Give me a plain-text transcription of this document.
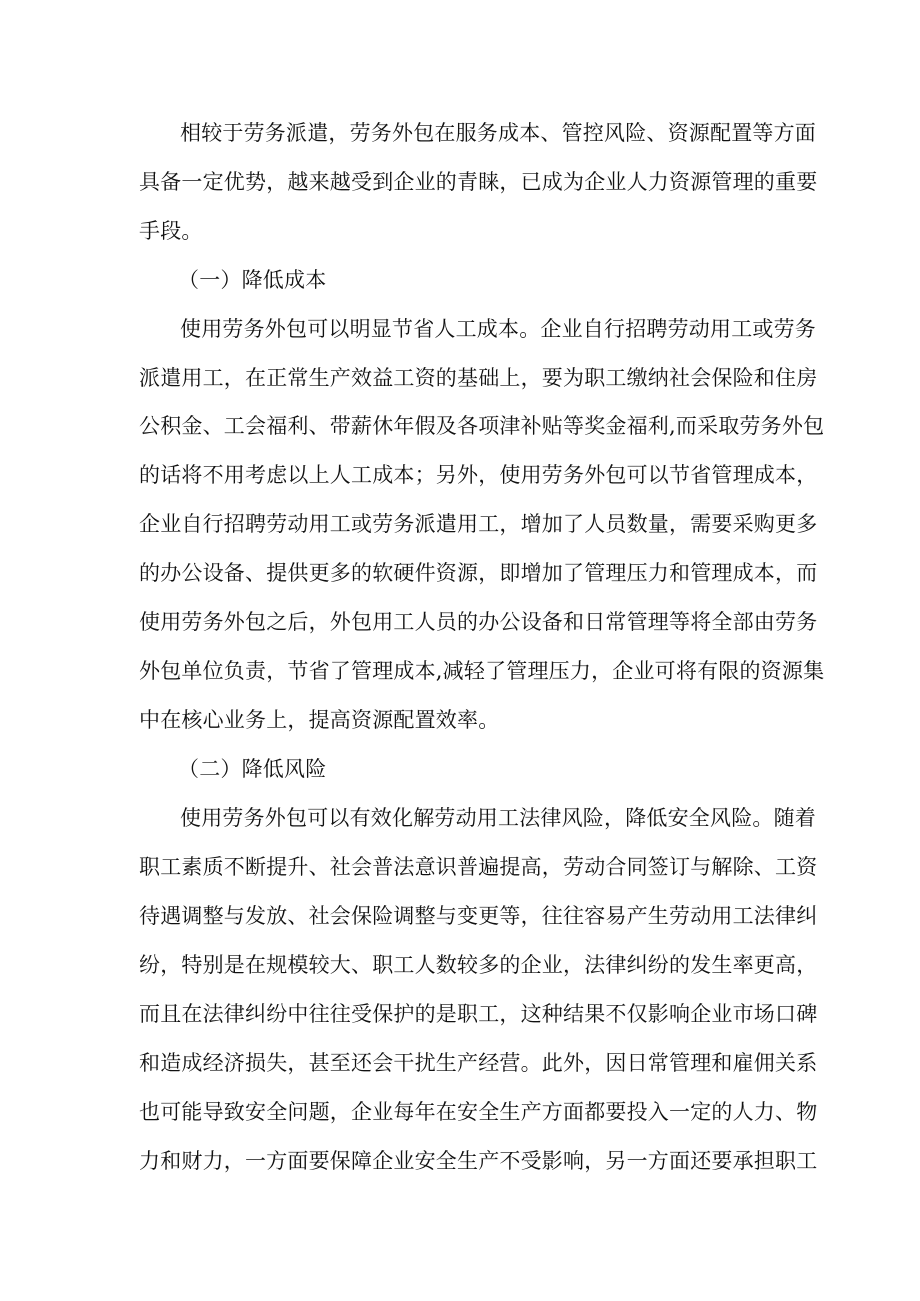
相较于劳务派遣，劳务外包在服务成本、管控风险、资源配置等方面
具备一定优势，越来越受到企业的青睐，已成为企业人力资源管理的重要
手段。
（一）降低成本
使用劳务外包可以明显节省人工成本。企业自行招聘劳动用工或劳务
派遣用工，在正常生产效益工资的基础上，要为职工缴纳社会保险和住房
公积金、工会福利、带薪休年假及各项津补贴等奖金福利,而采取劳务外包
的话将不用考虑以上人工成本；另外，使用劳务外包可以节省管理成本，
企业自行招聘劳动用工或劳务派遣用工，增加了人员数量，需要采购更多
的办公设备、提供更多的软硬件资源，即增加了管理压力和管理成本，而
使用劳务外包之后，外包用工人员的办公设备和日常管理等将全部由劳务
外包单位负责，节省了管理成本,减轻了管理压力，企业可将有限的资源集
中在核心业务上，提高资源配置效率。
（二）降低风险
使用劳务外包可以有效化解劳动用工法律风险，降低安全风险。随着
职工素质不断提升、社会普法意识普遍提高，劳动合同签订与解除、工资
待遇调整与发放、社会保险调整与变更等，往往容易产生劳动用工法律纠
纷，特别是在规模较大、职工人数较多的企业，法律纠纷的发生率更高，
而且在法律纠纷中往往受保护的是职工，这种结果不仅影响企业市场口碑
和造成经济损失，甚至还会干扰生产经营。此外，因日常管理和雇佣关系
也可能导致安全问题，企业每年在安全生产方面都要投入一定的人力、物
力和财力，一方面要保障企业安全生产不受影响，另一方面还要承担职工
